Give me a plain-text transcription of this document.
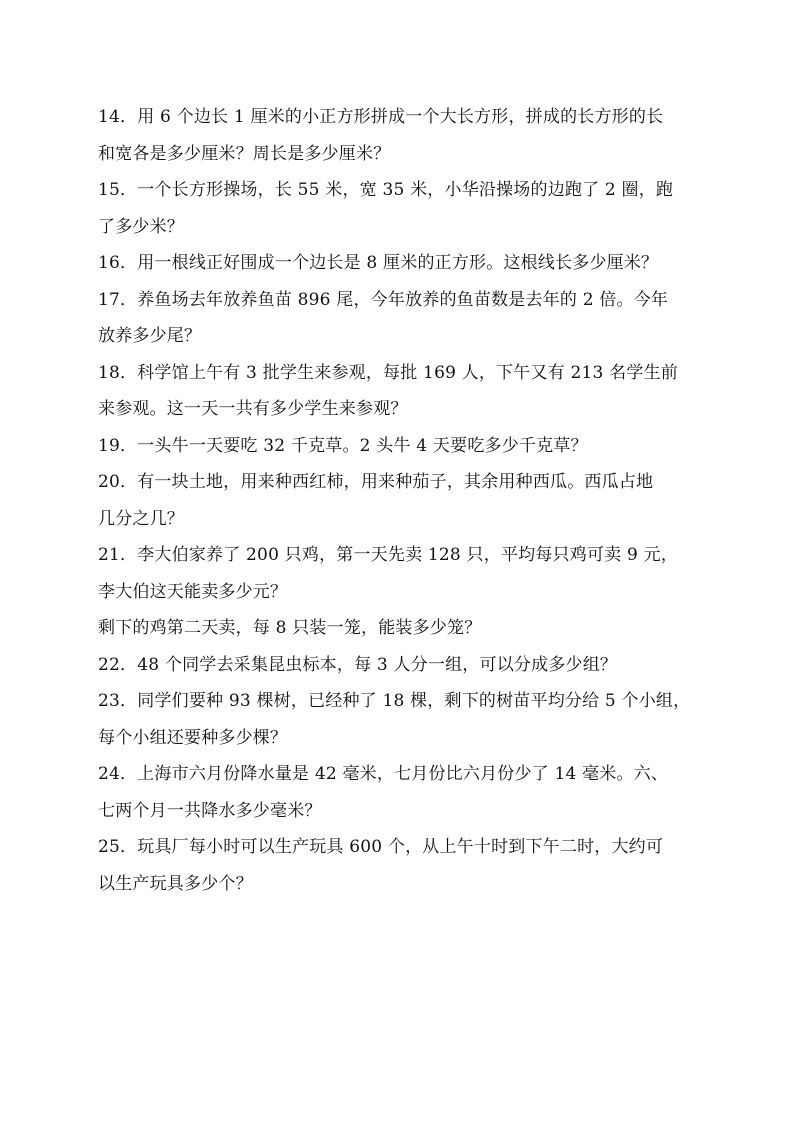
14．用 6 个边长 1 厘米的小正方形拼成一个大长方形，拼成的长方形的长
和宽各是多少厘米？周长是多少厘米？
15．一个长方形操场，长 55 米，宽 35 米，小华沿操场的边跑了 2 圈，跑
了多少米？
16．用一根线正好围成一个边长是 8 厘米的正方形。这根线长多少厘米？
17．养鱼场去年放养鱼苗 896 尾，今年放养的鱼苗数是去年的 2 倍。今年
放养多少尾？
18．科学馆上午有 3 批学生来参观，每批 169 人，下午又有 213 名学生前
来参观。这一天一共有多少学生来参观？
19．一头牛一天要吃 32 千克草。2 头牛 4 天要吃多少千克草？
20．有一块土地，用来种西红柿，用来种茄子，其余用种西瓜。西瓜占地
几分之几？
21．李大伯家养了 200 只鸡，第一天先卖 128 只，平均每只鸡可卖 9 元，
李大伯这天能卖多少元？
剩下的鸡第二天卖，每 8 只装一笼，能装多少笼？
22．48 个同学去采集昆虫标本，每 3 人分一组，可以分成多少组？
23．同学们要种 93 棵树，已经种了 18 棵，剩下的树苗平均分给 5 个小组，
每个小组还要种多少棵？
24．上海市六月份降水量是 42 毫米，七月份比六月份少了 14 毫米。六、
七两个月一共降水多少毫米？
25．玩具厂每小时可以生产玩具 600 个，从上午十时到下午二时，大约可
以生产玩具多少个？
